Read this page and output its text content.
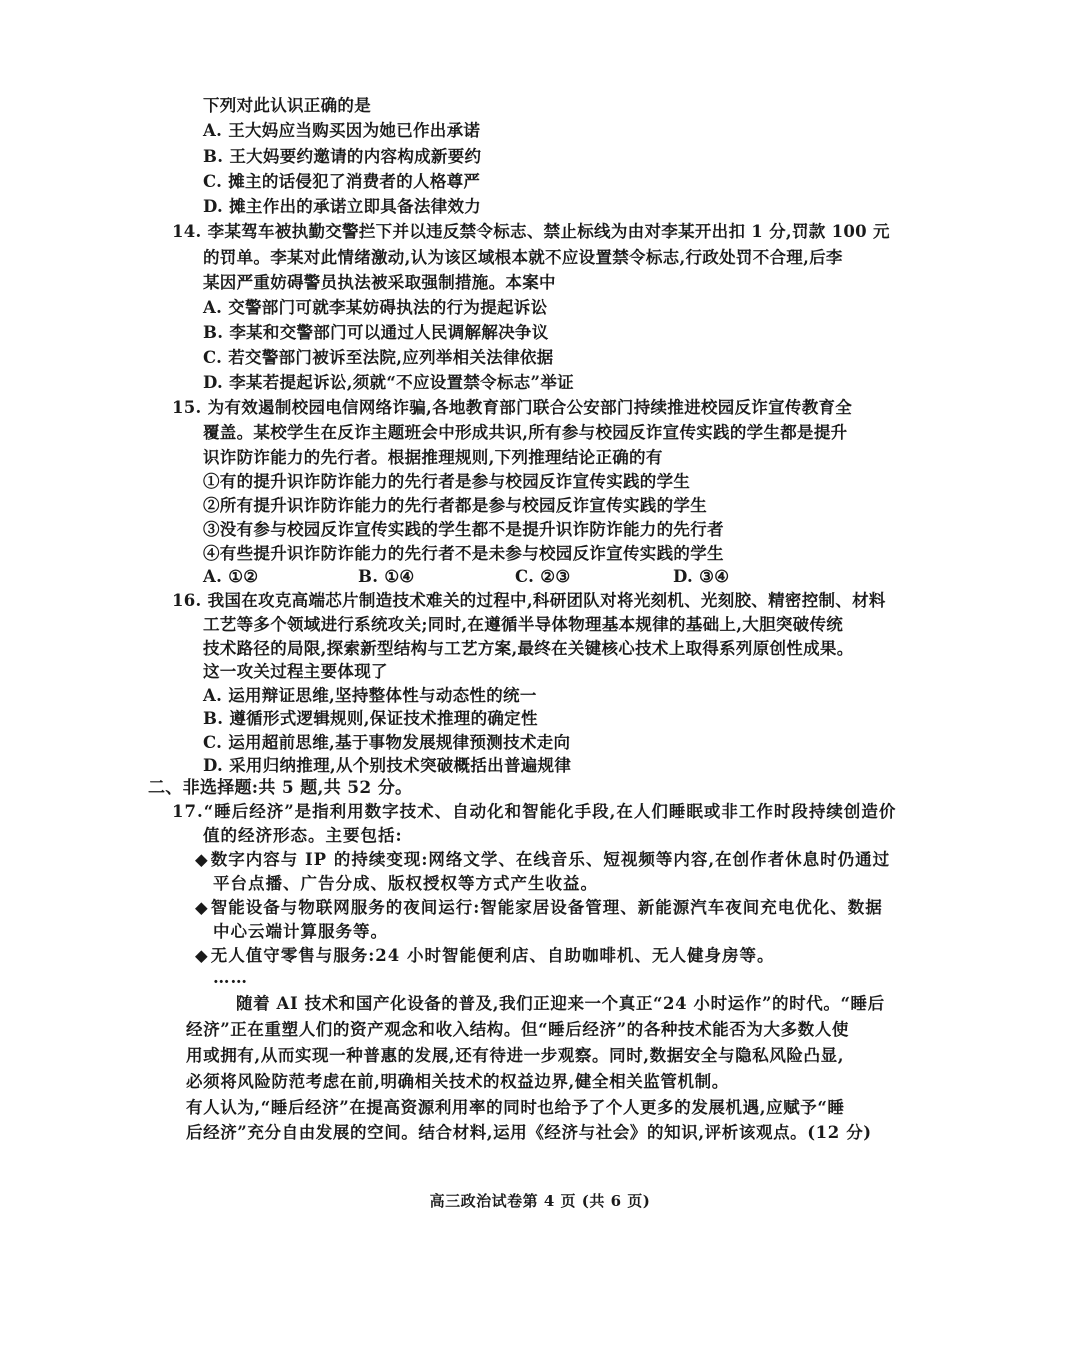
下列对此认识正确的是
A. 王大妈应当购买因为她已作出承诺
B. 王大妈要约邀请的内容构成新要约
C. 摊主的话侵犯了消费者的人格尊严
D. 摊主作出的承诺立即具备法律效力
14. 李某驾车被执勤交警拦下并以违反禁令标志、禁止标线为由对李某开出扣 1 分,罚款 100 元
的罚单。李某对此情绪激动,认为该区域根本就不应设置禁令标志,行政处罚不合理,后李
某因严重妨碍警员执法被采取强制措施。本案中
A. 交警部门可就李某妨碍执法的行为提起诉讼
B. 李某和交警部门可以通过人民调解解决争议
C. 若交警部门被诉至法院,应列举相关法律依据
D. 李某若提起诉讼,须就“不应设置禁令标志”举证
15. 为有效遏制校园电信网络诈骗,各地教育部门联合公安部门持续推进校园反诈宣传教育全
覆盖。某校学生在反诈主题班会中形成共识,所有参与校园反诈宣传实践的学生都是提升
识诈防诈能力的先行者。根据推理规则,下列推理结论正确的有
①有的提升识诈防诈能力的先行者是参与校园反诈宣传实践的学生
②所有提升识诈防诈能力的先行者都是参与校园反诈宣传实践的学生
③没有参与校园反诈宣传实践的学生都不是提升识诈防诈能力的先行者
④有些提升识诈防诈能力的先行者不是未参与校园反诈宣传实践的学生
A. ①②	B. ①④	C. ②③	D. ③④
16. 我国在攻克高端芯片制造技术难关的过程中,科研团队对将光刻机、光刻胶、精密控制、材料
工艺等多个领域进行系统攻关;同时,在遵循半导体物理基本规律的基础上,大胆突破传统
技术路径的局限,探索新型结构与工艺方案,最终在关键核心技术上取得系列原创性成果。
这一攻关过程主要体现了
A. 运用辩证思维,坚持整体性与动态性的统一
B. 遵循形式逻辑规则,保证技术推理的确定性
C. 运用超前思维,基于事物发展规律预测技术走向
D. 采用归纳推理,从个别技术突破概括出普遍规律
二、非选择题:共 5 题,共 52 分。
17.“睡后经济”是指利用数字技术、自动化和智能化手段,在人们睡眠或非工作时段持续创造价
值的经济形态。主要包括:
◆ 数字内容与 IP 的持续变现:网络文学、在线音乐、短视频等内容,在创作者休息时仍通过
平台点播、广告分成、版权授权等方式产生收益。
◆ 智能设备与物联网服务的夜间运行:智能家居设备管理、新能源汽车夜间充电优化、数据
中心云端计算服务等。
◆ 无人值守零售与服务:24 小时智能便利店、自助咖啡机、无人健身房等。
……
随着 AI 技术和国产化设备的普及,我们正迎来一个真正“24 小时运作”的时代。“睡后
经济”正在重塑人们的资产观念和收入结构。但“睡后经济”的各种技术能否为大多数人使
用或拥有,从而实现一种普惠的发展,还有待进一步观察。同时,数据安全与隐私风险凸显,
必须将风险防范考虑在前,明确相关技术的权益边界,健全相关监管机制。
有人认为,“睡后经济”在提高资源利用率的同时也给予了个人更多的发展机遇,应赋予“睡
后经济”充分自由发展的空间。结合材料,运用《经济与社会》的知识,评析该观点。(12 分)
高三政治试卷第 4 页 (共 6 页)
